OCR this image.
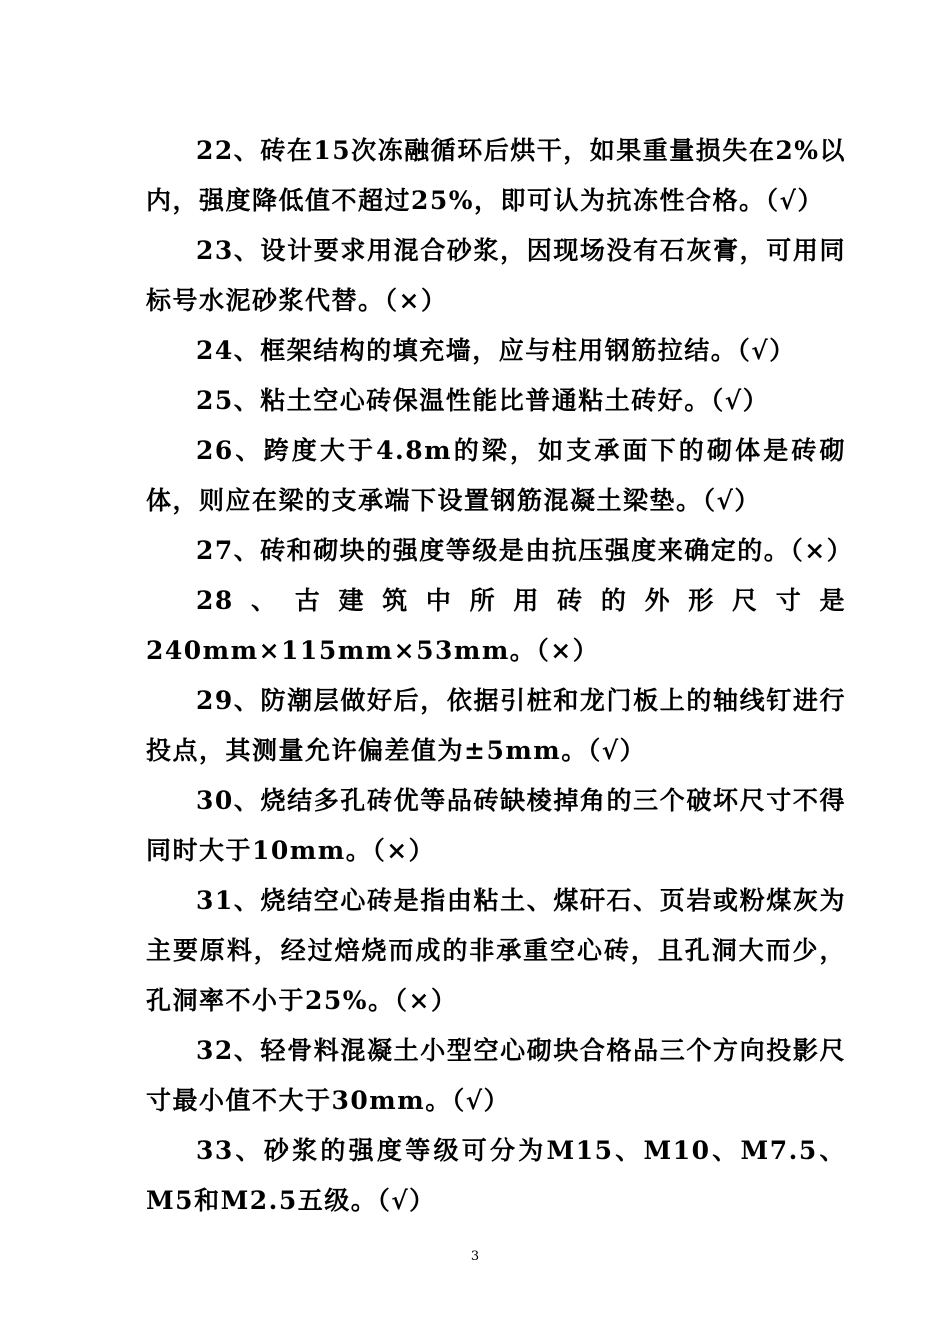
22、砖在15次冻融循环后烘干，如果重量损失在2%以内，强度降低值不超过25%，即可认为抗冻性合格。（√）

23、设计要求用混合砂浆，因现场没有石灰膏，可用同标号水泥砂浆代替。（×）

24、框架结构的填充墙，应与柱用钢筋拉结。（√）

25、粘土空心砖保温性能比普通粘土砖好。（√）

26、跨度大于4.8m的梁，如支承面下的砌体是砖砌体，则应在梁的支承端下设置钢筋混凝土梁垫。（√）

27、砖和砌块的强度等级是由抗压强度来确定的。（×）

28、古建筑中所用砖的外形尺寸是240mm×115mm×53mm。（×）

29、防潮层做好后，依据引桩和龙门板上的轴线钉进行投点，其测量允许偏差值为±5mm。（√）

30、烧结多孔砖优等品砖缺棱掉角的三个破坏尺寸不得同时大于10mm。（×）

31、烧结空心砖是指由粘土、煤矸石、页岩或粉煤灰为主要原料，经过焙烧而成的非承重空心砖，且孔洞大而少，孔洞率不小于25%。（×）

32、轻骨料混凝土小型空心砌块合格品三个方向投影尺寸最小值不大于30mm。（√）

33、砂浆的强度等级可分为M15、M10、M7.5、M5和M2.5五级。（√）

3
